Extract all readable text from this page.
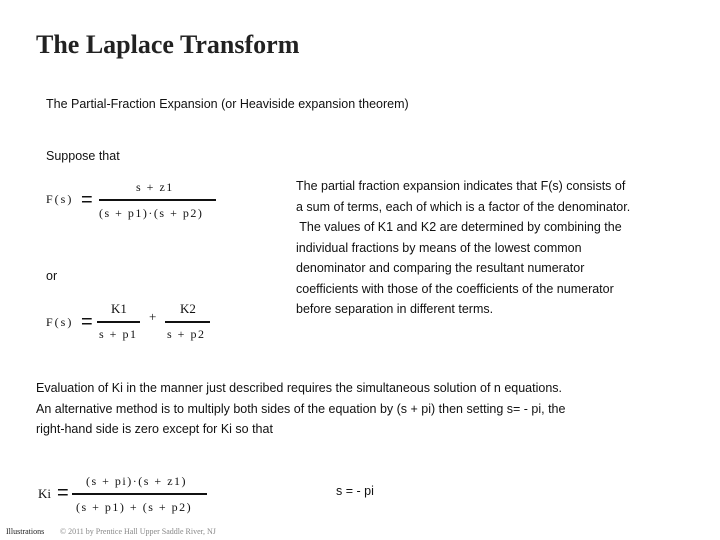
The Laplace Transform
The Partial-Fraction Expansion (or Heaviside expansion theorem)
Suppose that
F(s) =
s + z1
(s + p1)·(s + p2)
or
F(s) =
K1
s + p1
+
K2
s + p2
The partial fraction expansion indicates that F(s) consists of
a sum of terms, each of which is a factor of the denominator.
The values of K1 and K2 are determined by combining the
individual fractions by means of the lowest common
denominator and comparing the resultant numerator
coefficients with those of the coefficients of the numerator
before separation in different terms.
Evaluation of Ki in the manner just described requires the simultaneous solution of n equations.
An alternative method is to multiply both sides of the equation by (s + pi) then setting s= - pi, the
right-hand side is zero except for Ki so that
Ki =
(s + pi)·(s + z1)
(s + p1) + (s + p2)
s = - pi
Illustrations © 2011 by Prentice Hall Upper Saddle River, NJ
